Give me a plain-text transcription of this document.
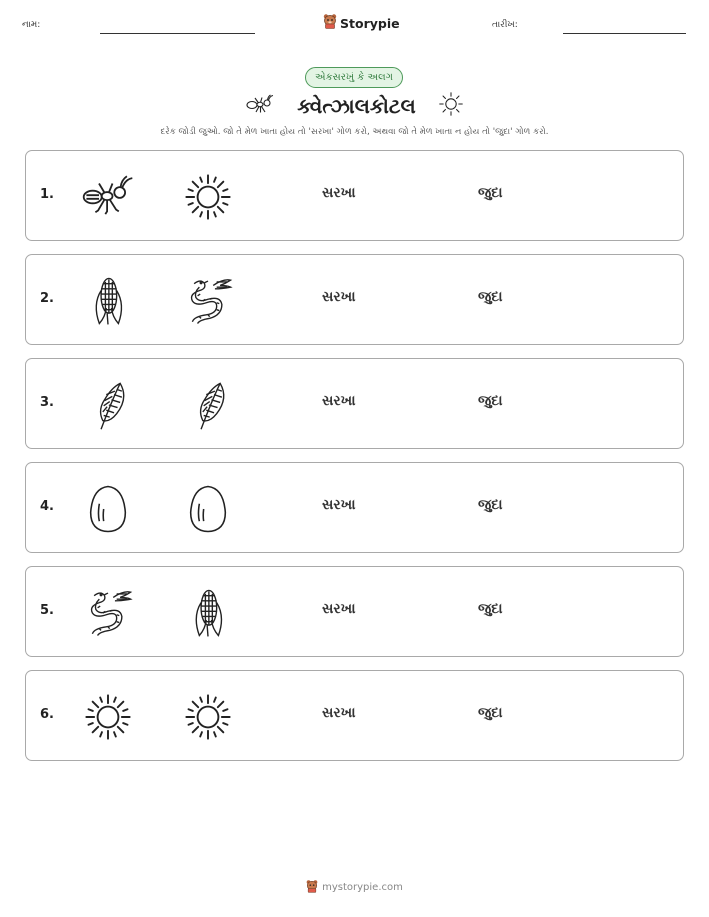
નામ:	Storypie	તારીખ:
એકસરખું કે અલગ
ક્વેત્ઝાલકોટલ
દરેક જોડી જુઓ. જો તે મેળ ખાતા હોય તો 'સરખા' ગોળ કરો, અથવા જો તે મેળ ખાતા ન હોય તો 'જુદા' ગોળ કરો.
1.	સરખા	જુદા
2.	સરખા	જુદા
3.	સરખા	જુદા
4.	સરખા	જુદા
5.	સરખા	જુદા
6.	સરખા	જુદા
mystorypie.com
